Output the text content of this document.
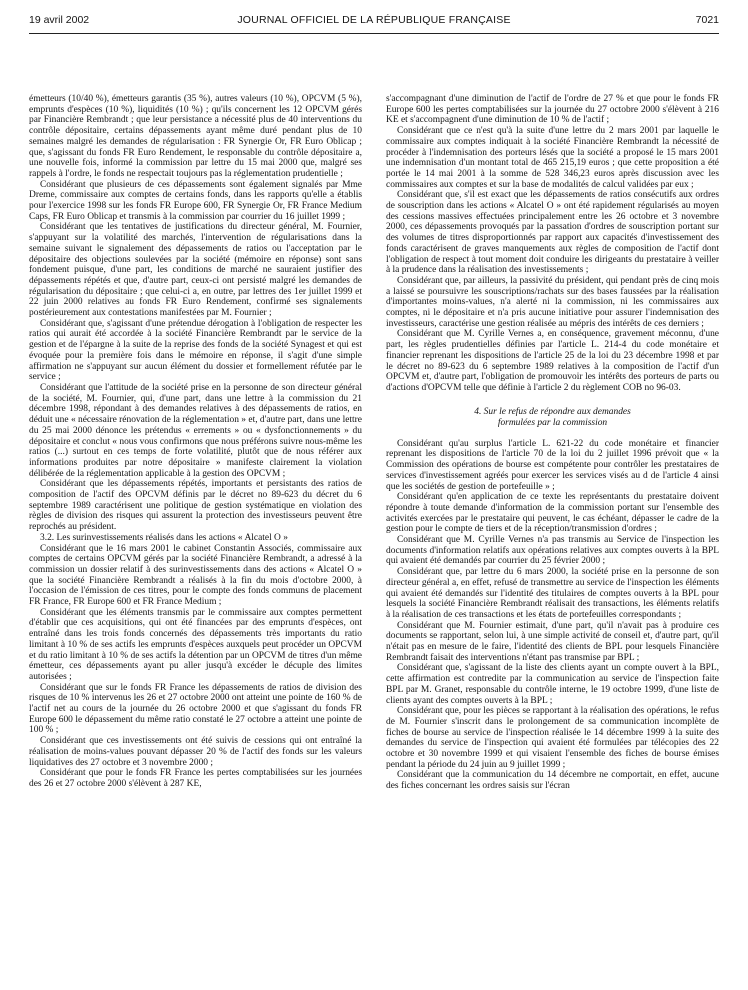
19 avril 2002	JOURNAL OFFICIEL DE LA RÉPUBLIQUE FRANÇAISE	7021

émetteurs (10/40 %), émetteurs garantis (35 %), autres valeurs (10 %), OPCVM (5 %), emprunts d'espèces (10 %), liquidités (10 %) ; qu'ils concernent les 12 OPCVM gérés par Financière Rembrandt ; que leur persistance a nécessité plus de 40 interventions du contrôle dépositaire, certains dépassements ayant même duré pendant plus de 10 semaines malgré les demandes de régularisation : FR Synergie Or, FR Euro Oblicap ; que, s'agissant du fonds FR Euro Rendement, le responsable du contrôle dépositaire a, une nouvelle fois, informé la commission par lettre du 15 mai 2000 que, malgré ses rappels à l'ordre, le fonds ne respectait toujours pas la réglementation prudentielle ;

Considérant que plusieurs de ces dépassements sont également signalés par Mme Dreme, commissaire aux comptes de certains fonds, dans les rapports qu'elle a établis pour l'exercice 1998 sur les fonds FR Europe 600, FR Synergie Or, FR France Medium Caps, FR Euro Oblicap et transmis à la commission par courrier du 16 juillet 1999 ;

Considérant que les tentatives de justifications du directeur général, M. Fournier, s'appuyant sur la volatilité des marchés, l'intervention de régularisations dans la semaine suivant le signalement des dépassements de ratios ou l'acceptation par le dépositaire des objections soulevées par la société (mémoire en réponse) sont sans fondement puisque, d'une part, les conditions de marché ne sauraient justifier des dépassements répétés et que, d'autre part, ceux-ci ont persisté malgré les demandes de régularisation du dépositaire ; que celui-ci a, en outre, par lettres des 1er juillet 1999 et 22 juin 2000 relatives au fonds FR Euro Rendement, confirmé ses signalements postérieurement aux contestations manifestées par M. Fournier ;

Considérant que, s'agissant d'une prétendue dérogation à l'obligation de respecter les ratios qui aurait été accordée à la société Financière Rembrandt par le service de la gestion et de l'épargne à la suite de la reprise des fonds de la société Synagest et qui est évoquée pour la première fois dans le mémoire en réponse, il s'agit d'une simple affirmation ne s'appuyant sur aucun élément du dossier et formellement réfutée par le service ;

Considérant que l'attitude de la société prise en la personne de son directeur général de la société, M. Fournier, qui, d'une part, dans une lettre à la commission du 21 décembre 1998, répondant à des demandes relatives à des dépassements de ratios, en déduit une « nécessaire rénovation de la réglementation » et, d'autre part, dans une lettre du 25 mai 2000 dénonce les prétendus « errements » ou « dysfonctionnements » du dépositaire et conclut « nous vous confirmons que nous préférons suivre nous-même les ratios (...) surtout en ces temps de forte volatilité, plutôt que de nous référer aux informations produites par notre dépositaire » manifeste clairement la violation délibérée de la réglementation applicable à la gestion des OPCVM ;

Considérant que les dépassements répétés, importants et persistants des ratios de composition de l'actif des OPCVM définis par le décret no 89-623 du décret du 6 septembre 1989 caractérisent une politique de gestion systématique en violation des règles de division des risques qui assurent la protection des investisseurs peuvent être reprochés au président.

3.2. Les surinvestissements réalisés dans les actions « Alcatel O »

Considérant que le 16 mars 2001 le cabinet Constantin Associés, commissaire aux comptes de certains OPCVM gérés par la société Financière Rembrandt, a adressé à la commission un dossier relatif à des surinvestissements dans des actions « Alcatel O » que la société Financière Rembrandt a réalisés à la fin du mois d'octobre 2000, à l'occasion de l'émission de ces titres, pour le compte des fonds communs de placement FR France, FR Europe 600 et FR France Medium ;

Considérant que les éléments transmis par le commissaire aux comptes permettent d'établir que ces acquisitions, qui ont été financées par des emprunts d'espèces, ont entraîné dans les trois fonds concernés des dépassements très importants du ratio limitant à 10 % de ses actifs les emprunts d'espèces auxquels peut procéder un OPCVM et du ratio limitant à 10 % de ses actifs la détention par un OPCVM de titres d'un même émetteur, ces dépassements ayant pu aller jusqu'à excéder le décuple des limites autorisées ;

Considérant que sur le fonds FR France les dépassements de ratios de division des risques de 10 % intervenus les 26 et 27 octobre 2000 ont atteint une pointe de 160 % de l'actif net au cours de la journée du 26 octobre 2000 et que s'agissant du fonds FR Europe 600 le dépassement du même ratio constaté le 27 octobre a atteint une pointe de 100 % ;

Considérant que ces investissements ont été suivis de cessions qui ont entraîné la réalisation de moins-values pouvant dépasser 20 % de l'actif des fonds sur les valeurs liquidatives des 27 octobre et 3 novembre 2000 ;

Considérant que pour le fonds FR France les pertes comptabilisées sur les journées des 26 et 27 octobre 2000 s'élèvent à 287 KE,

s'accompagnant d'une diminution de l'actif de l'ordre de 27 % et que pour le fonds FR Europe 600 les pertes comptabilisées sur la journée du 27 octobre 2000 s'élèvent à 216 KE et s'accompagnent d'une diminution de 10 % de l'actif ;

Considérant que ce n'est qu'à la suite d'une lettre du 2 mars 2001 par laquelle le commissaire aux comptes indiquait à la société Financière Rembrandt la nécessité de procéder à l'indemnisation des porteurs lésés que la société a proposé le 15 mars 2001 une indemnisation d'un montant total de 465 215,19 euros ; que cette proposition a été portée le 14 mai 2001 à la somme de 528 346,23 euros après discussion avec les commissaires aux comptes et sur la base de modalités de calcul validées par eux ;

Considérant que, s'il est exact que les dépassements de ratios consécutifs aux ordres de souscription dans les actions « Alcatel O » ont été rapidement régularisés au moyen des cessions massives effectuées principalement entre les 26 octobre et 3 novembre 2000, ces dépassements provoqués par la passation d'ordres de souscription portant sur des volumes de titres disproportionnés par rapport aux capacités d'investissement des fonds caractérisent de graves manquements aux règles de composition de l'actif dont l'obligation de respect à tout moment doit conduire les dirigeants du prestataire à veiller à la prudence dans la réalisation des investissements ;

Considérant que, par ailleurs, la passivité du président, qui pendant près de cinq mois a laissé se poursuivre les souscriptions/rachats sur des bases faussées par la réalisation d'importantes moins-values, n'a alerté ni la commission, ni les commissaires aux comptes, ni le dépositaire et n'a pris aucune initiative pour assurer l'indemnisation des investisseurs, caractérise une gestion réalisée au mépris des intérêts de ces derniers ;

Considérant que M. Cyrille Vernes a, en conséquence, gravement méconnu, d'une part, les règles prudentielles définies par l'article L. 214-4 du code monétaire et financier reprenant les dispositions de l'article 25 de la loi du 23 décembre 1998 et par le décret no 89-623 du 6 septembre 1989 relatives à la composition de l'actif d'un OPCVM et, d'autre part, l'obligation de promouvoir les intérêts des porteurs de parts ou d'actions d'OPCVM telle que définie à l'article 2 du règlement COB no 96-03.

4. Sur le refus de répondre aux demandes
formulées par la commission

Considérant qu'au surplus l'article L. 621-22 du code monétaire et financier reprenant les dispositions de l'article 70 de la loi du 2 juillet 1996 prévoit que « la Commission des opérations de bourse est compétente pour contrôler les prestataires de services d'investissement agréés pour exercer les services visés au d de l'article 4 ainsi que les sociétés de gestion de portefeuille » ;

Considérant qu'en application de ce texte les représentants du prestataire doivent répondre à toute demande d'information de la commission portant sur l'ensemble des activités exercées par le prestataire qui peuvent, le cas échéant, dépasser le cadre de la gestion pour le compte de tiers et de la réception/transmission d'ordres ;

Considérant que M. Cyrille Vernes n'a pas transmis au Service de l'inspection les documents d'information relatifs aux opérations relatives aux comptes ouverts à la BPL qui avaient été demandés par courrier du 25 février 2000 ;

Considérant que, par lettre du 6 mars 2000, la société prise en la personne de son directeur général a, en effet, refusé de transmettre au service de l'inspection les éléments qui avaient été demandés sur l'identité des titulaires de comptes ouverts à la BPL pour lesquels la société Financière Rembrandt réalisait des transactions, les éléments relatifs à la réalisation de ces transactions et les états de portefeuilles correspondants ;

Considérant que M. Fournier estimait, d'une part, qu'il n'avait pas à produire ces documents se rapportant, selon lui, à une simple activité de conseil et, d'autre part, qu'il n'était pas en mesure de le faire, l'identité des clients de BPL pour lesquels Financière Rembrandt faisait des interventions n'étant pas transmise par BPL ;

Considérant que, s'agissant de la liste des clients ayant un compte ouvert à la BPL, cette affirmation est contredite par la communication au service de l'inspection faite BPL par M. Granet, responsable du contrôle interne, le 19 octobre 1999, d'une liste de clients ayant des comptes ouverts à la BPL ;

Considérant que, pour les pièces se rapportant à la réalisation des opérations, le refus de M. Fournier s'inscrit dans le prolongement de sa communication incomplète de fiches de bourse au service de l'inspection réalisée le 14 décembre 1999 à la suite des demandes du service de l'inspection qui avaient été formulées par télécopies des 22 octobre et 30 novembre 1999 et qui visaient l'ensemble des fiches de bourse émises pendant la période du 24 juin au 9 juillet 1999 ;

Considérant que la communication du 14 décembre ne comportait, en effet, aucune des fiches concernant les ordres saisis sur l'écran
